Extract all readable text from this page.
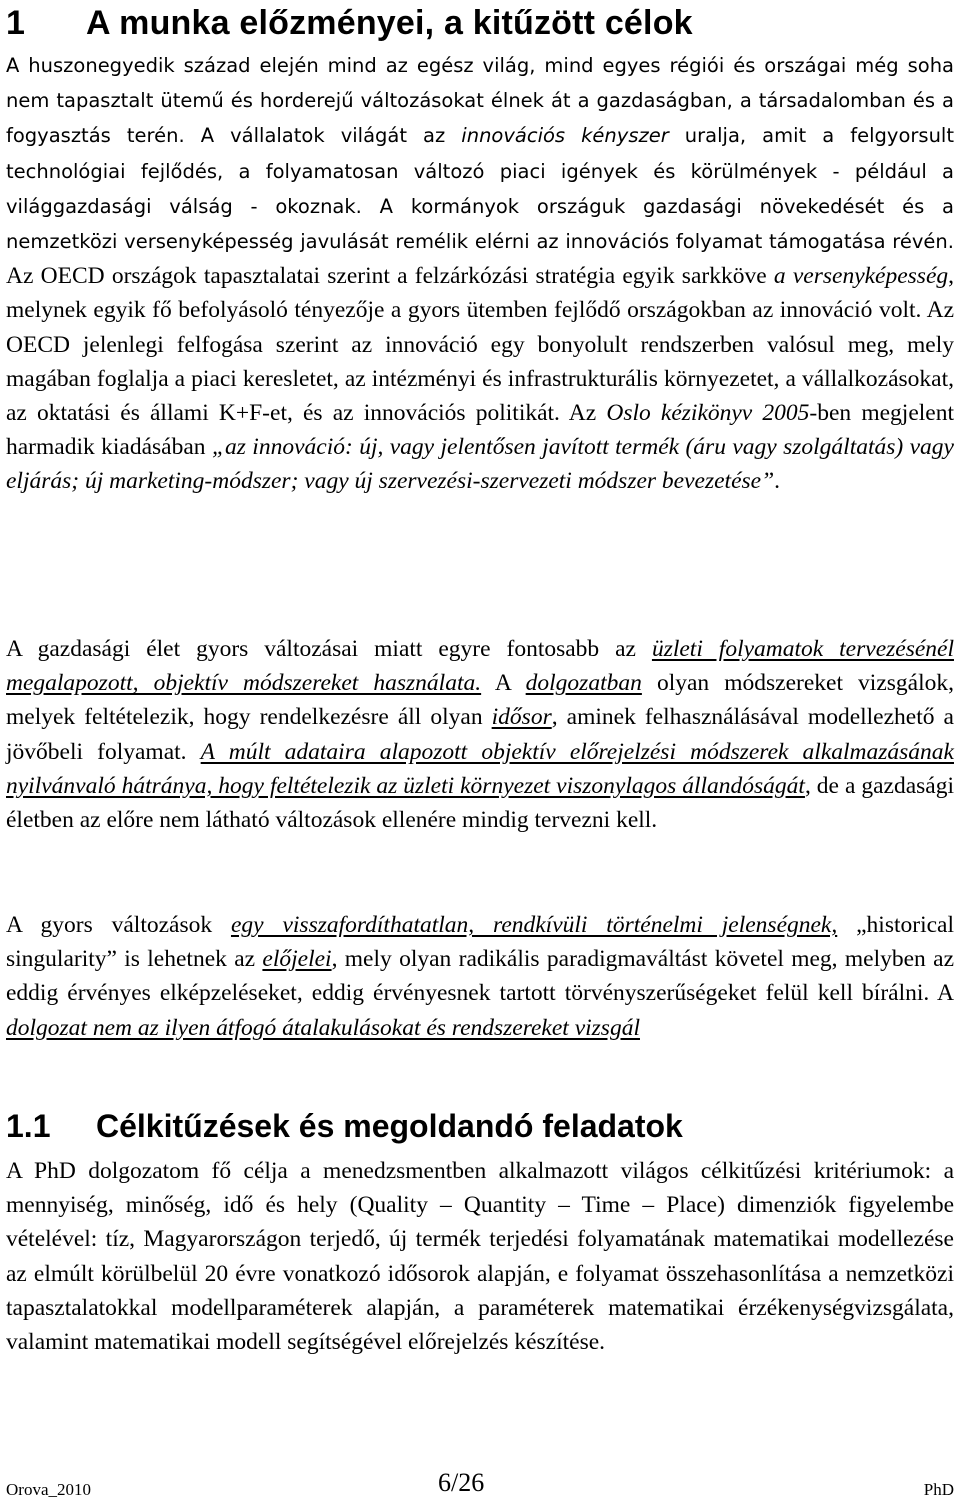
1 A munka előzményei, a kitűzött célok

A huszonegyedik század elején mind az egész világ, mind egyes régiói és országai még soha nem tapasztalt ütemű és horderejű változásokat élnek át a gazdaságban, a társadalomban és a fogyasztás terén. A vállalatok világát az innovációs kényszer uralja, amit a felgyorsult technológiai fejlődés, a folyamatosan változó piaci igények és körülmények - például a világgazdasági válság - okoznak. A kormányok országuk gazdasági növekedését és a nemzetközi versenyképesség javulását remélik elérni az innovációs folyamat támogatása révén. Az OECD országok tapasztalatai szerint a felzárkózási stratégia egyik sarkköve a versenyképesség, melynek egyik fő befolyásoló tényezője a gyors ütemben fejlődő országokban az innováció volt. Az OECD jelenlegi felfogása szerint az innováció egy bonyolult rendszerben valósul meg, mely magában foglalja a piaci keresletet, az intézményi és infrastrukturális környezetet, a vállalkozásokat, az oktatási és állami K+F-et, és az innovációs politikát. Az Oslo kézikönyv 2005-ben megjelent harmadik kiadásában „az innováció: új, vagy jelentősen javított termék (áru vagy szolgáltatás) vagy eljárás; új marketing-módszer; vagy új szervezési-szervezeti módszer bevezetése”.

A gazdasági élet gyors változásai miatt egyre fontosabb az üzleti folyamatok tervezésénél megalapozott, objektív módszereket használata. A dolgozatban olyan módszereket vizsgálok, melyek feltételezik, hogy rendelkezésre áll olyan idősor, aminek felhasználásával modellezhető a jövőbeli folyamat. A múlt adataira alapozott objektív előrejelzési módszerek alkalmazásának nyilvánvaló hátránya, hogy feltételezik az üzleti környezet viszonylagos állandóságát, de a gazdasági életben az előre nem látható változások ellenére mindig tervezni kell.

A gyors változások egy visszafordíthatatlan, rendkívüli történelmi jelenségnek, „historical singularity” is lehetnek az előjelei, mely olyan radikális paradigmaváltást követel meg, melyben az eddig érvényes elképzeléseket, eddig érvényesnek tartott törvényszerűségeket felül kell bírálni. A dolgozat nem az ilyen átfogó átalakulásokat és rendszereket vizsgál

1.1 Célkitűzések és megoldandó feladatok

A PhD dolgozatom fő célja a menedzsmentben alkalmazott világos célkitűzési kritériumok: a mennyiség, minőség, idő és hely (Quality – Quantity – Time – Place) dimenziók figyelembe vételével: tíz, Magyarországon terjedő, új termék terjedési folyamatának matematikai modellezése az elmúlt körülbelül 20 évre vonatkozó idősorok alapján, e folyamat összehasonlítása a nemzetközi tapasztalatokkal modellparaméterek alapján, a paraméterek matematikai érzékenységvizsgálata, valamint matematikai modell segítségével előrejelzés készítése.

Orova_2010	6/26	PhD
